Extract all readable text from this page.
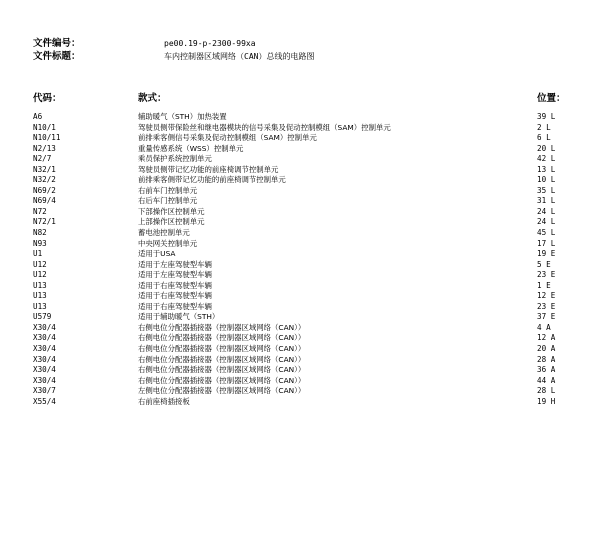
文件编号：	pe00.19-p-2300-99xa
文件标题：	车内控制器区域网络（CAN）总线的电路图
代码：	款式：	位置：
A6	辅助暖气（STH）加热装置	39 L
N10/1	驾驶员侧带保险丝和继电器模块的信号采集及促动控制模组（SAM）控制单元	2 L
N10/11	前排乘客侧信号采集及促动控制模组（SAM）控制单元	6 L
N2/13	重量传感系统（WSS）控制单元	20 L
N2/7	乘员保护系统控制单元	42 L
N32/1	驾驶员侧带记忆功能的前座椅调节控制单元	13 L
N32/2	前排乘客侧带记忆功能的前座椅调节控制单元	10 L
N69/2	右前车门控制单元	35 L
N69/4	右后车门控制单元	31 L
N72	下部操作区控制单元	24 L
N72/1	上部操作区控制单元	24 L
N82	蓄电池控制单元	45 L
N93	中央网关控制单元	17 L
U1	适用于USA	19 E
U12	适用于左座驾驶型车辆	5 E
U12	适用于左座驾驶型车辆	23 E
U13	适用于右座驾驶型车辆	1 E
U13	适用于右座驾驶型车辆	12 E
U13	适用于右座驾驶型车辆	23 E
U579	适用于辅助暖气（STH）	37 E
X30/4	右侧电位分配器插接器（控制器区域网络（CAN））	4 A
X30/4	右侧电位分配器插接器（控制器区域网络（CAN））	12 A
X30/4	右侧电位分配器插接器（控制器区域网络（CAN））	20 A
X30/4	右侧电位分配器插接器（控制器区域网络（CAN））	28 A
X30/4	右侧电位分配器插接器（控制器区域网络（CAN））	36 A
X30/4	右侧电位分配器插接器（控制器区域网络（CAN））	44 A
X30/7	左侧电位分配器插接器（控制器区域网络（CAN））	28 L
X55/4	右前座椅插接板	19 H
